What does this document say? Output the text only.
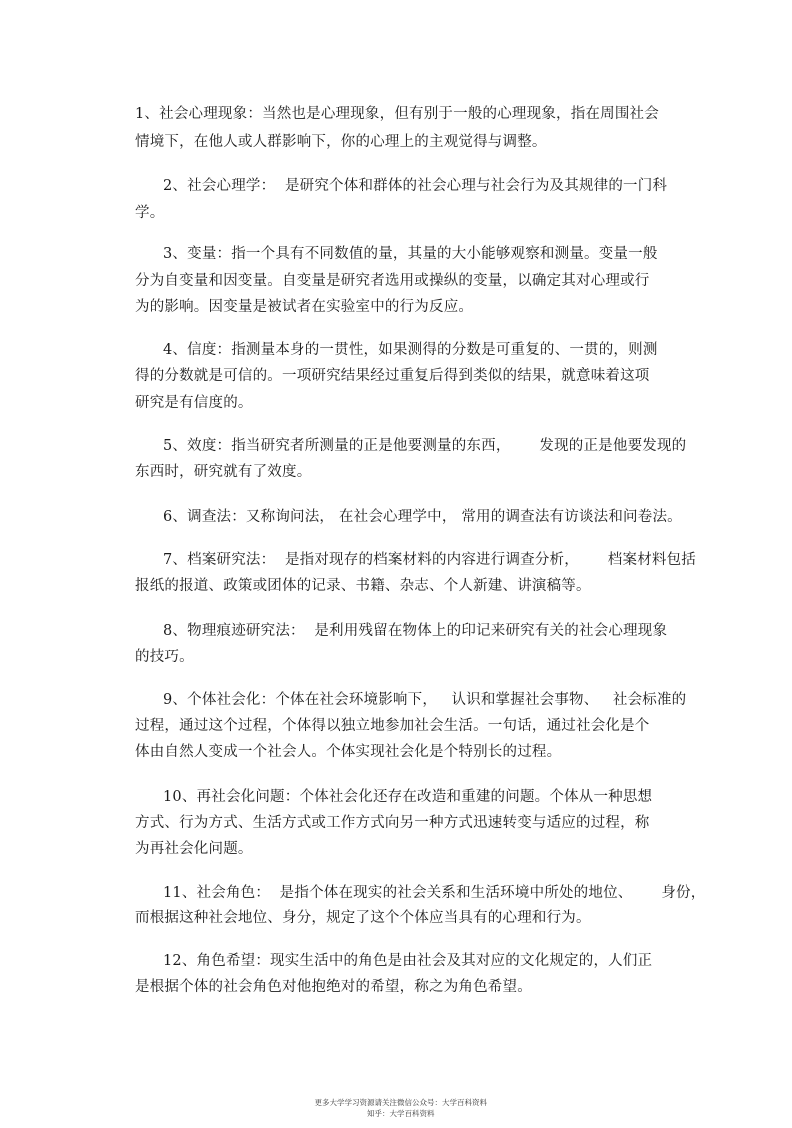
1、社会心理现象：当然也是心理现象，但有别于一般的心理现象，指在周围社会
情境下，在他人或人群影响下，你的心理上的主观觉得与调整。
2、社会心理学：  是研究个体和群体的社会心理与社会行为及其规律的一门科
学。
3、变量：指一个具有不同数值的量，其量的大小能够观察和测量。变量一般
分为自变量和因变量。自变量是研究者选用或操纵的变量，以确定其对心理或行
为的影响。因变量是被试者在实验室中的行为反应。
4、信度：指测量本身的一贯性，如果测得的分数是可重复的、一贯的，则测
得的分数就是可信的。一项研究结果经过重复后得到类似的结果，就意味着这项
研究是有信度的。
5、效度：指当研究者所测量的正是他要测量的东西，      发现的正是他要发现的
东西时，研究就有了效度。
6、调查法：又称询问法， 在社会心理学中， 常用的调查法有访谈法和问卷法。
7、档案研究法：  是指对现存的档案材料的内容进行调查分析，      档案材料包括
报纸的报道、政策或团体的记录、书籍、杂志、个人新建、讲演稿等。
8、物理痕迹研究法：  是利用残留在物体上的印记来研究有关的社会心理现象
的技巧。
9、个体社会化：个体在社会环境影响下，   认识和掌握社会事物、   社会标准的
过程，通过这个过程，个体得以独立地参加社会生活。一句话，通过社会化是个
体由自然人变成一个社会人。个体实现社会化是个特别长的过程。
10、再社会化问题：个体社会化还存在改造和重建的问题。个体从一种思想
方式、行为方式、生活方式或工作方式向另一种方式迅速转变与适应的过程，称
为再社会化问题。
11、社会角色：  是指个体在现实的社会关系和生活环境中所处的地位、      身份，
而根据这种社会地位、身分，规定了这个个体应当具有的心理和行为。
12、角色希望：现实生活中的角色是由社会及其对应的文化规定的，人们正
是根据个体的社会角色对他抱绝对的希望，称之为角色希望。

更多大学学习资源请关注微信公众号：大学百科资料
知乎：大学百科资料
